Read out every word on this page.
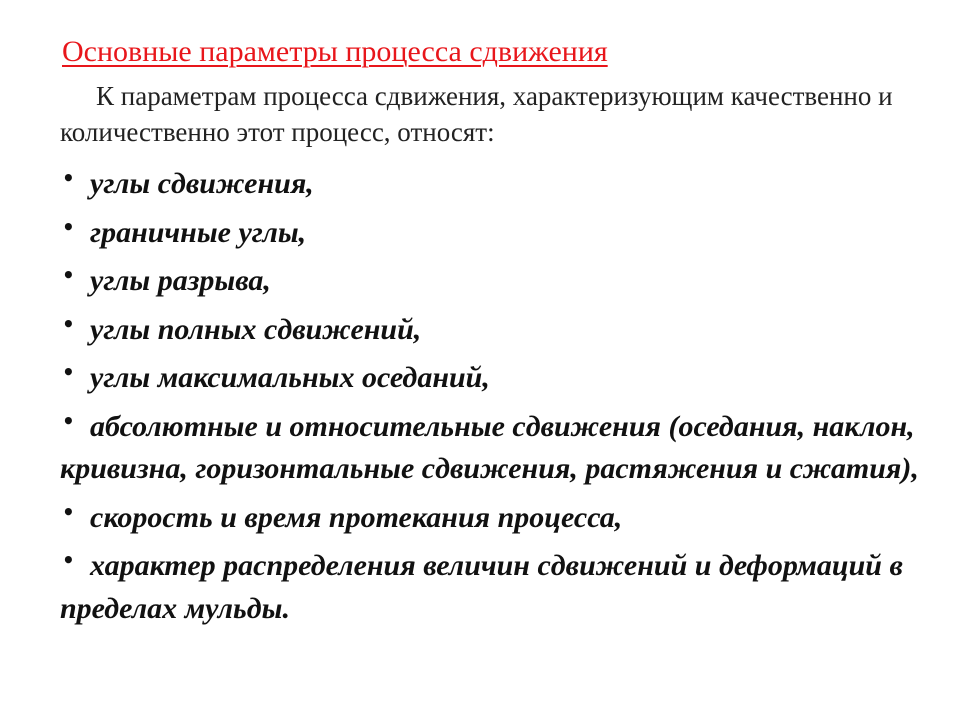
Основные параметры процесса сдвижения
К параметрам процесса сдвижения, характеризующим качественно и количественно этот процесс, относят:
• углы сдвижения,
• граничные углы,
• углы разрыва,
• углы полных сдвижений,
• углы максимальных оседаний,
• абсолютные и относительные сдвижения (оседания, наклон, кривизна, горизонтальные сдвижения, растяжения и сжатия),
• скорость и время протекания процесса,
• характер распределения величин сдвижений и деформаций в пределах мульды.
